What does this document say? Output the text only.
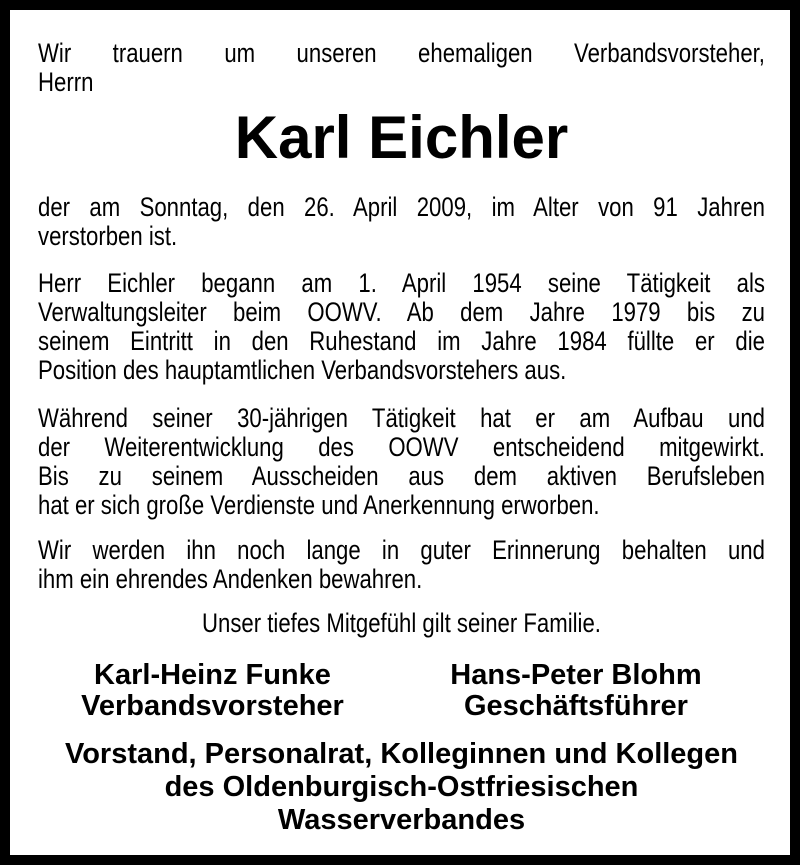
Wir trauern um unseren ehemaligen Verbandsvorsteher,
Herrn
Karl Eichler
der am Sonntag, den 26. April 2009, im Alter von 91 Jahren
verstorben ist.
Herr Eichler begann am 1. April 1954 seine Tätigkeit als
Verwaltungsleiter beim OOWV. Ab dem Jahre 1979 bis zu
seinem Eintritt in den Ruhestand im Jahre 1984 füllte er die
Position des hauptamtlichen Verbandsvorstehers aus.
Während seiner 30-jährigen Tätigkeit hat er am Aufbau und
der Weiterentwicklung des OOWV entscheidend mitgewirkt.
Bis zu seinem Ausscheiden aus dem aktiven Berufsleben
hat er sich große Verdienste und Anerkennung erworben.
Wir werden ihn noch lange in guter Erinnerung behalten und
ihm ein ehrendes Andenken bewahren.
Unser tiefes Mitgefühl gilt seiner Familie.
Karl-Heinz Funke
Verbandsvorsteher
Hans-Peter Blohm
Geschäftsführer
Vorstand, Personalrat, Kolleginnen und Kollegen
des Oldenburgisch-Ostfriesischen
Wasserverbandes
